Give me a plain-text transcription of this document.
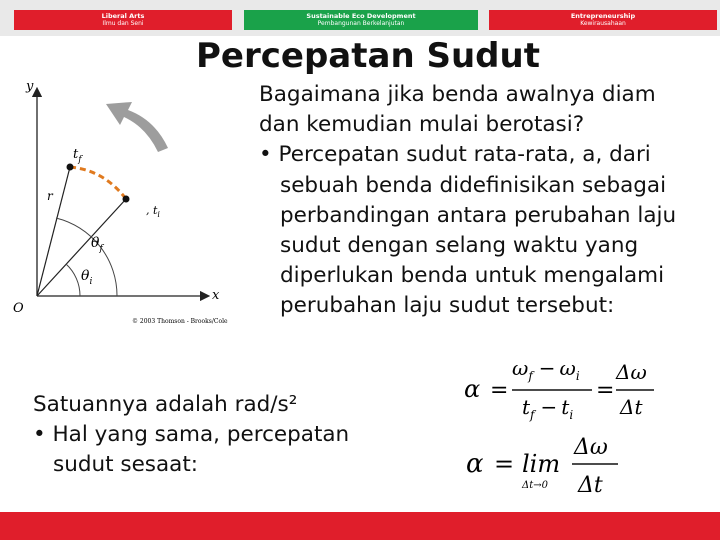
Liberal Arts
Ilmu dan Seni
Sustainable Eco Development
Pembangunan Berkelanjutan
Entrepreneurship
Kewirausahaan
Percepatan Sudut
y
x
O
$t_f$
, $t_i$
r
$\theta_f$
$\theta_i$
© 2003 Thomson - Brooks/Cole
Bagaimana jika benda awalnya diam
dan kemudian mulai berotasi?
• Percepatan sudut rata-rata, a, dari
sebuah benda didefinisikan sebagai
perbandingan antara perubahan laju
sudut dengan selang waktu yang
diperlukan benda untuk mengalami
perubahan laju sudut tersebut:
α =
$\omega_f - \omega_i$
$t_f - t_i$
=
Δω
Δt
α = lim
Δt→0
Δω
Δt
Satuannya adalah rad/s²
• Hal yang sama, percepatan
sudut sesaat:
